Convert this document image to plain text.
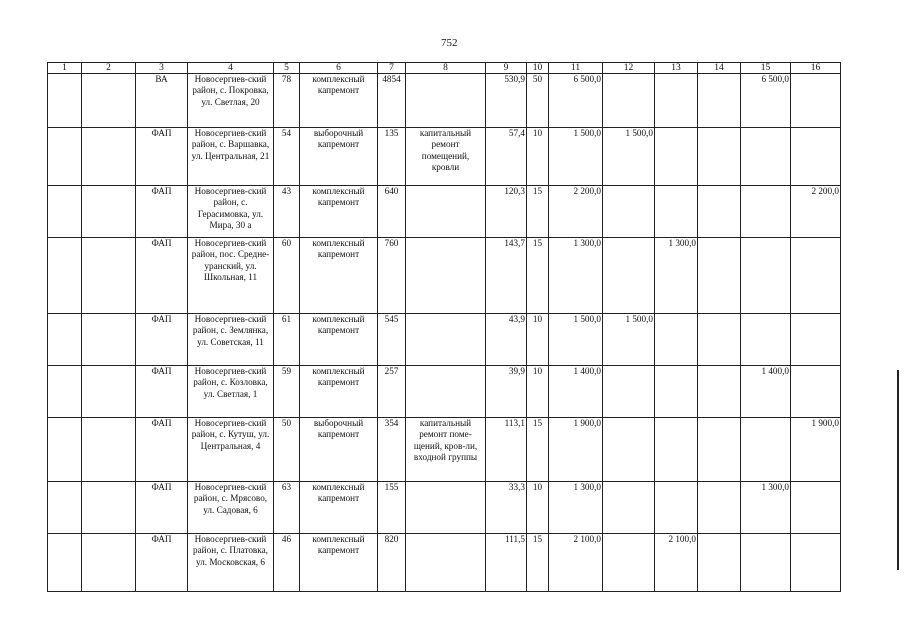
752
1	2	3	4	5	6	7	8	9	10	11	12	13	14	15	16
		ВА	Новосергиев-ский район, с. Покровка, ул. Светлая, 20	78	комплексный капремонт	4854		530,9	50	6 500,0				6 500,0	
		ФАП	Новосергиев-ский район, с. Варшавка, ул. Центральная, 21	54	выборочный капремонт	135	капитальный ремонт помещений, кровли	57,4	10	1 500,0	1 500,0				
		ФАП	Новосергиев-ский район, с. Герасимовка, ул. Мира, 30 а	43	комплексный капремонт	640		120,3	15	2 200,0					2 200,0
		ФАП	Новосергиев-ский район, пос. Средне-уранский, ул. Школьная, 11	60	комплексный капремонт	760		143,7	15	1 300,0		1 300,0			
		ФАП	Новосергиев-ский район, с. Землянка, ул. Советская, 11	61	комплексный капремонт	545		43,9	10	1 500,0	1 500,0				
		ФАП	Новосергиев-ский район, с. Козловка, ул. Светлая, 1	59	комплексный капремонт	257		39,9	10	1 400,0				1 400,0	
		ФАП	Новосергиев-ский район, с. Кутуш, ул. Центральная, 4	50	выборочный капремонт	354	капитальный ремонт поме-щений, кров-ли, входной группы	113,1	15	1 900,0					1 900,0
		ФАП	Новосергиев-ский район, с. Мрясово, ул. Садовая, 6	63	комплексный капремонт	155		33,3	10	1 300,0				1 300,0	
		ФАП	Новосергиев-ский район, с. Платовка, ул. Московская, 6	46	комплексный капремонт	820		111,5	15	2 100,0		2 100,0			
